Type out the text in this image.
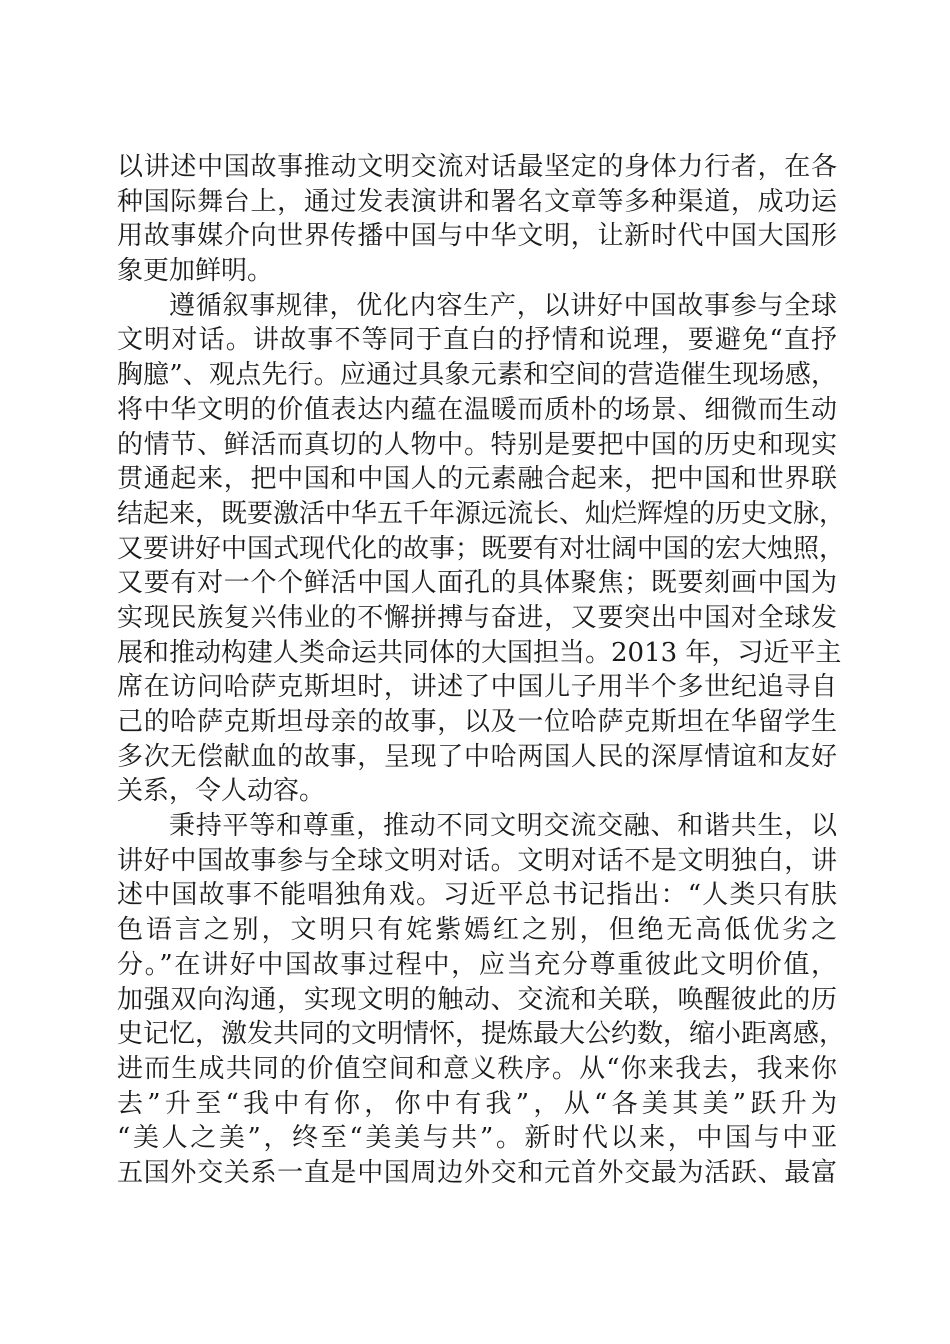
以讲述中国故事推动文明交流对话最坚定的身体力行者，在各
种国际舞台上，通过发表演讲和署名文章等多种渠道，成功运
用故事媒介向世界传播中国与中华文明，让新时代中国大国形
象更加鲜明。
遵循叙事规律，优化内容生产，以讲好中国故事参与全球
文明对话。讲故事不等同于直白的抒情和说理，要避免“直抒
胸臆”、观点先行。应通过具象元素和空间的营造催生现场感，
将中华文明的价值表达内蕴在温暖而质朴的场景、细微而生动
的情节、鲜活而真切的人物中。特别是要把中国的历史和现实
贯通起来，把中国和中国人的元素融合起来，把中国和世界联
结起来，既要激活中华五千年源远流长、灿烂辉煌的历史文脉，
又要讲好中国式现代化的故事；既要有对壮阔中国的宏大烛照，
又要有对一个个鲜活中国人面孔的具体聚焦；既要刻画中国为
实现民族复兴伟业的不懈拼搏与奋进，又要突出中国对全球发
展和推动构建人类命运共同体的大国担当。2013 年，习近平主
席在访问哈萨克斯坦时，讲述了中国儿子用半个多世纪追寻自
己的哈萨克斯坦母亲的故事，以及一位哈萨克斯坦在华留学生
多次无偿献血的故事，呈现了中哈两国人民的深厚情谊和友好
关系，令人动容。
秉持平等和尊重，推动不同文明交流交融、和谐共生，以
讲好中国故事参与全球文明对话。文明对话不是文明独白，讲
述中国故事不能唱独角戏。习近平总书记指出：“人类只有肤
色语言之别，文明只有姹紫嫣红之别，但绝无高低优劣之
分。”在讲好中国故事过程中，应当充分尊重彼此文明价值，
加强双向沟通，实现文明的触动、交流和关联，唤醒彼此的历
史记忆，激发共同的文明情怀，提炼最大公约数，缩小距离感，
进而生成共同的价值空间和意义秩序。从“你来我去，我来你
去”升至“我中有你，你中有我”，从“各美其美”跃升为
“美人之美”，终至“美美与共”。新时代以来，中国与中亚
五国外交关系一直是中国周边外交和元首外交最为活跃、最富
